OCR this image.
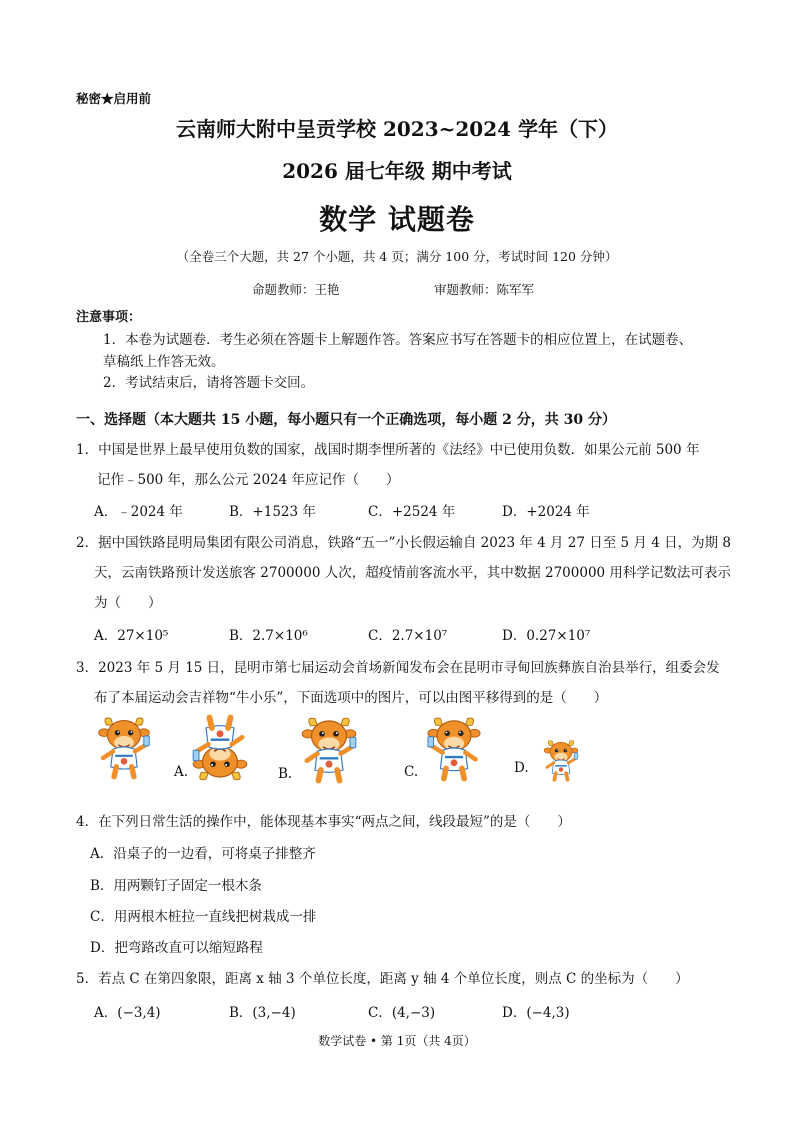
秘密★启用前
云南师大附中呈贡学校 2023~2024 学年（下）
2026 届七年级 期中考试
数学 试题卷
（全卷三个大题，共 27 个小题，共 4 页；满分 100 分，考试时间 120 分钟）
命题教师：王艳	审题教师：陈军军
注意事项：
1．本卷为试题卷．考生必须在答题卡上解题作答。答案应书写在答题卡的相应位置上，在试题卷、
草稿纸上作答无效。
2．考试结束后，请将答题卡交回。
一、选择题（本大题共 15 小题，每小题只有一个正确选项，每小题 2 分，共 30 分）
1．中国是世界上最早使用负数的国家，战国时期李悝所著的《法经》中已使用负数．如果公元前 500 年
记作﹣500 年，那么公元 2024 年应记作（　　）
A．﹣2024 年	B．+1523 年	C．+2524 年	D．+2024 年
2．据中国铁路昆明局集团有限公司消息，铁路“五一”小长假运输自 2023 年 4 月 27 日至 5 月 4 日，为期 8
天，云南铁路预计发送旅客 2700000 人次，超疫情前客流水平，其中数据 2700000 用科学记数法可表示
为（　　）
A．27×10⁵	B．2.7×10⁶	C．2.7×10⁷	D．0.27×10⁷
3．2023 年 5 月 15 日，昆明市第七届运动会首场新闻发布会在昆明市寻甸回族彝族自治县举行，组委会发
布了本届运动会吉祥物“牛小乐”，下面选项中的图片，可以由图平移得到的是（　　）
A.	B.	C.	D.
4．在下列日常生活的操作中，能体现基本事实“两点之间，线段最短”的是（　　）
A．沿桌子的一边看，可将桌子排整齐
B．用两颗钉子固定一根木条
C．用两根木桩拉一直线把树栽成一排
D．把弯路改直可以缩短路程
5．若点 C 在第四象限，距离 x 轴 3 个单位长度，距离 y 轴 4 个单位长度，则点 C 的坐标为（　　）
A．(−3,4)	B．(3,−4)	C．(4,−3)	D．(−4,3)
数学试卷 • 第 1页（共 4页）
